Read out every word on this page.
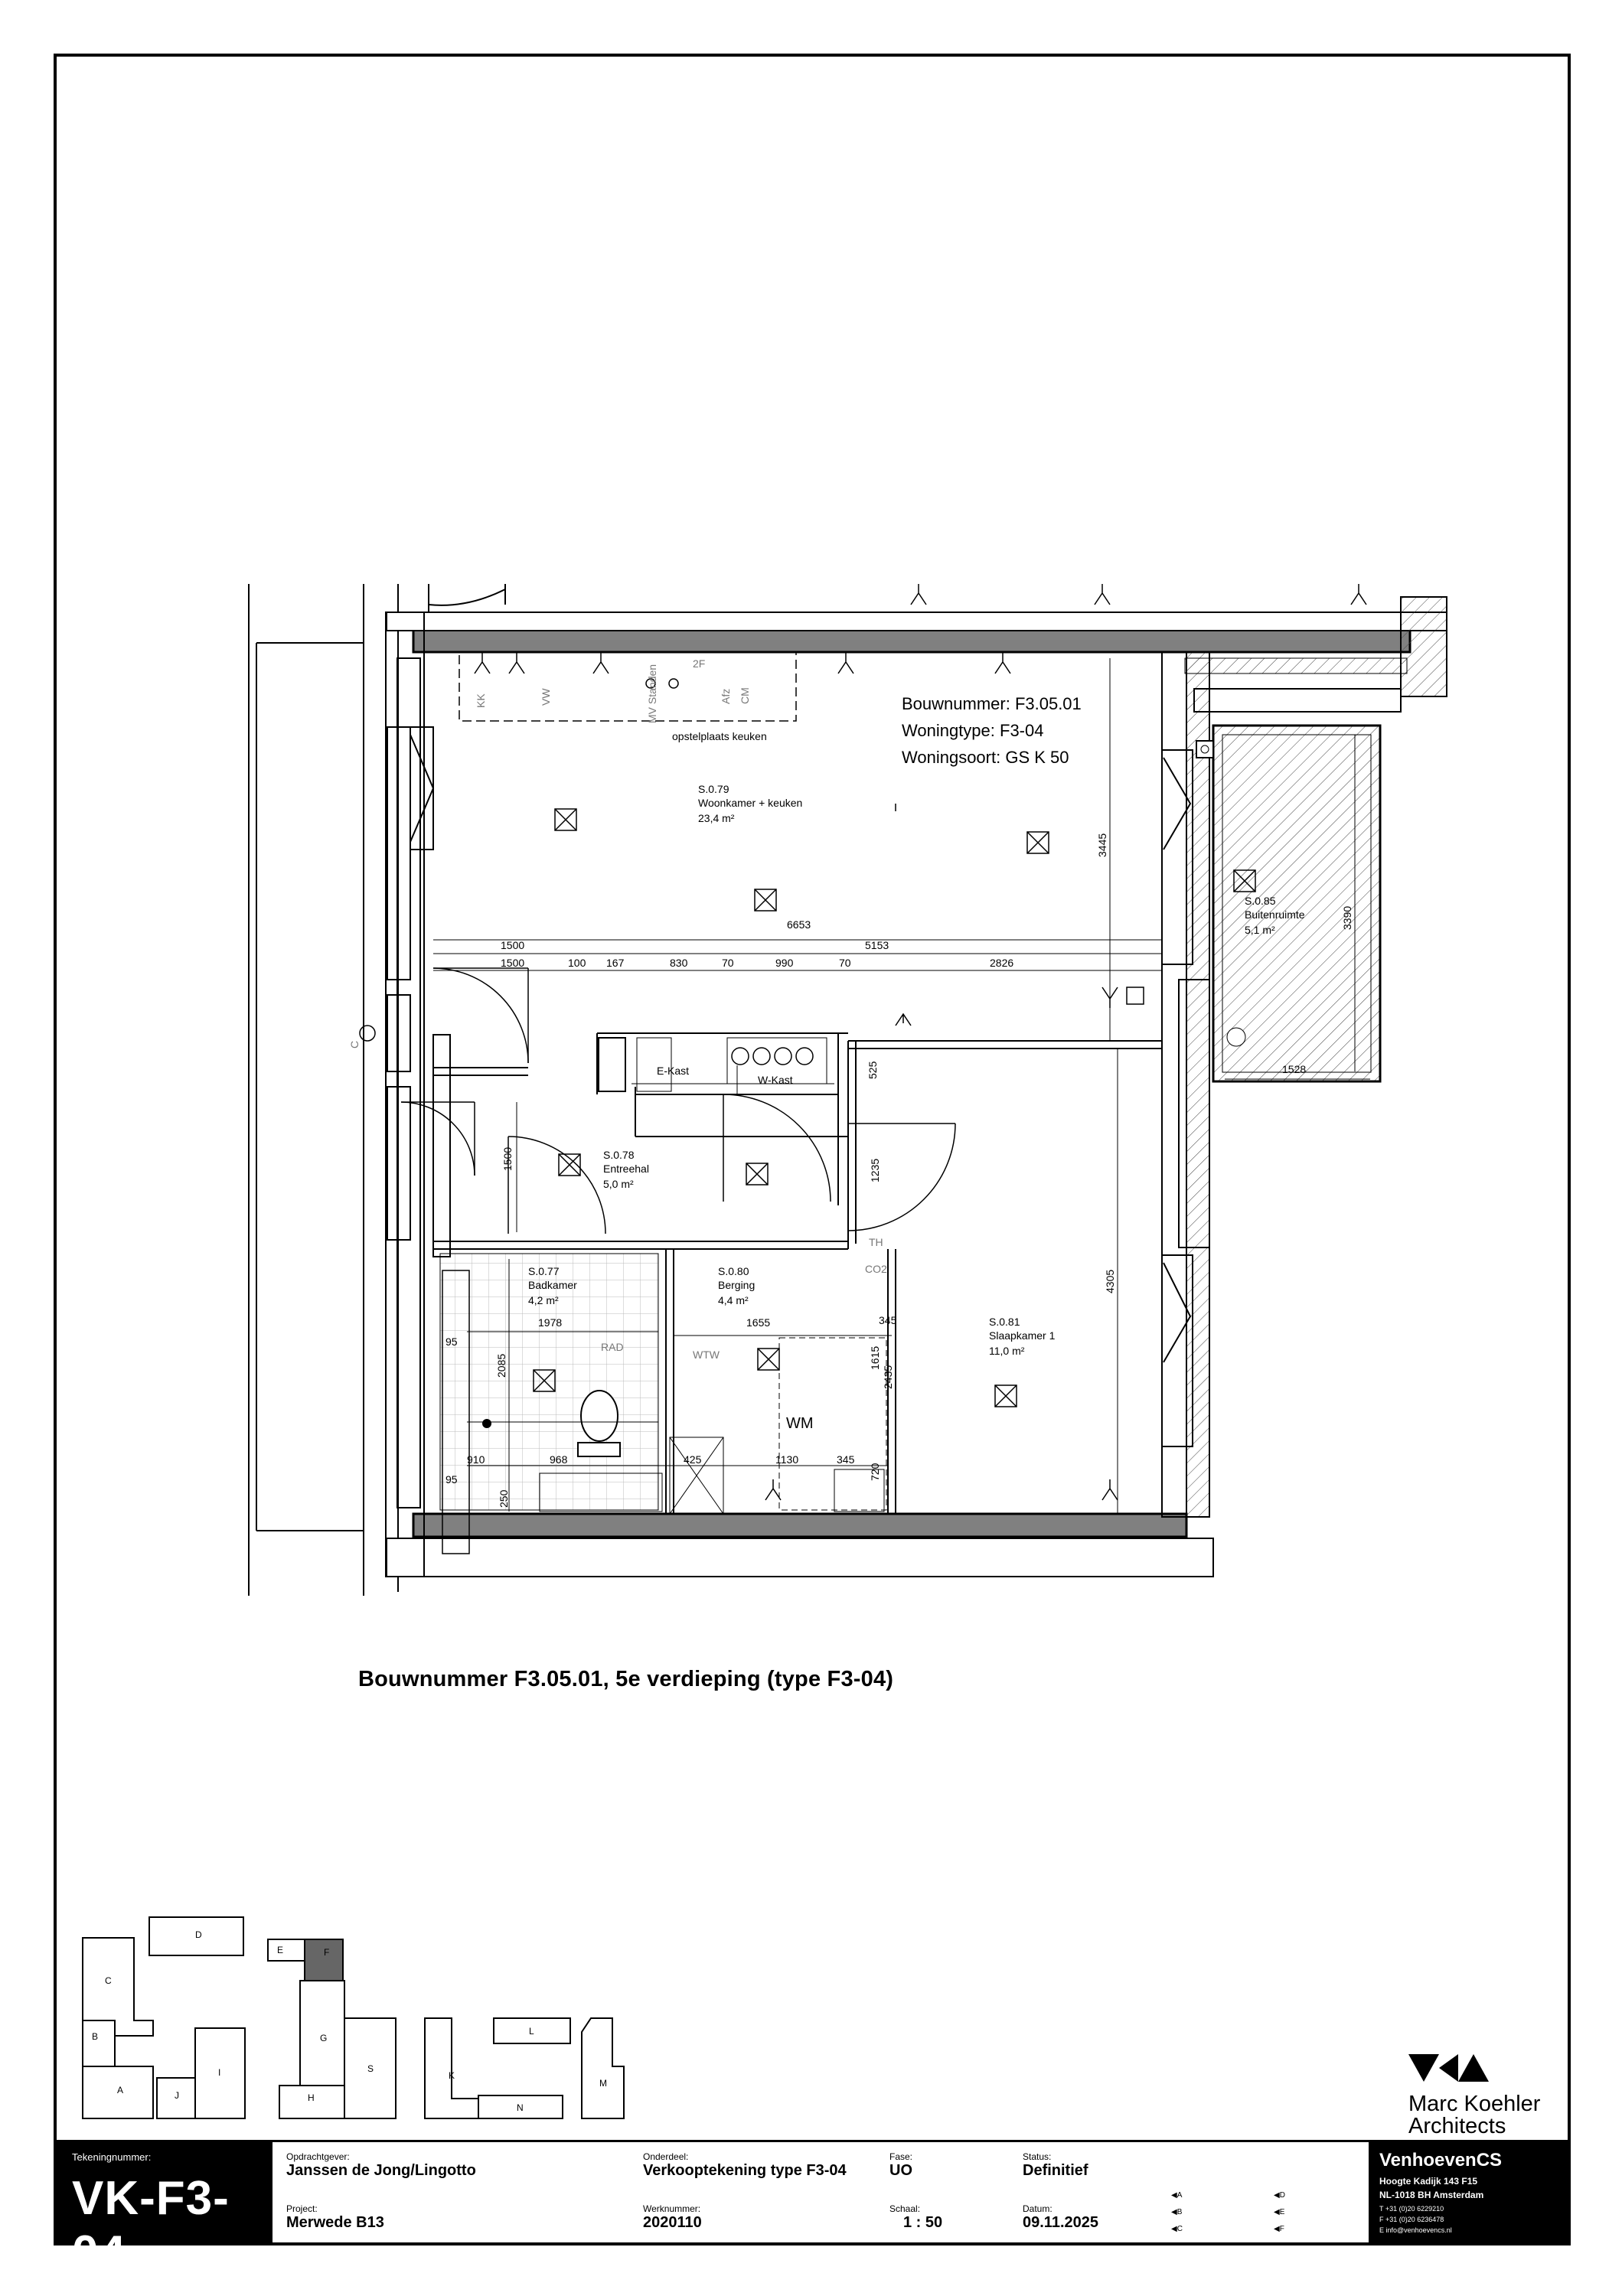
Bouwnummer: F3.05.01
Woningtype: F3-04
Woningsoort: GS K 50
opstelplaats keuken
S.0.79
Woonkamer + keuken
23,4 m²
S.0.85
Buitenruimte
5,1 m²
S.0.78
Entreehal
5,0 m²
S.0.77
Badkamer
4,2 m²
S.0.80
Berging
4,4 m²
S.0.81
Slaapkamer 1
11,0 m²
E-Kast
W-Kast
WM
RAD
WTW
TH
CO2
MV Standen
2F
Afz CM
VW
KK
C
6653
1500	5153
1500	100 167	830	70	990	70	2826
3445
3390
1528
4305
1500
1978	1655
2085
910	968	425	1130	345
345
1235
525
2435
1615
720
250
95
95
C
D
E	F
B	G
A	J
I
H
S
L
K
N
M
Bouwnummer F3.05.01, 5e verdieping (type F3-04)
Marc Koehler
Architects
Tekeningnummer:
VK-F3-04
Opdrachtgever:
Janssen de Jong/Lingotto
Project:
Merwede B13
Onderdeel:
Verkooptekening type F3-04
Werknummer:
2020110
Fase:
UO
Schaal:
1 : 50
Status:
Definitief
Datum:
09.11.2025
◀A
◀B
◀C
◀D
◀E
◀F
VenhoevenCS
Hoogte Kadijk 143 F15
NL-1018 BH Amsterdam
T +31 (0)20 6229210
F +31 (0)20 6236478
E info@venhoevencs.nl
